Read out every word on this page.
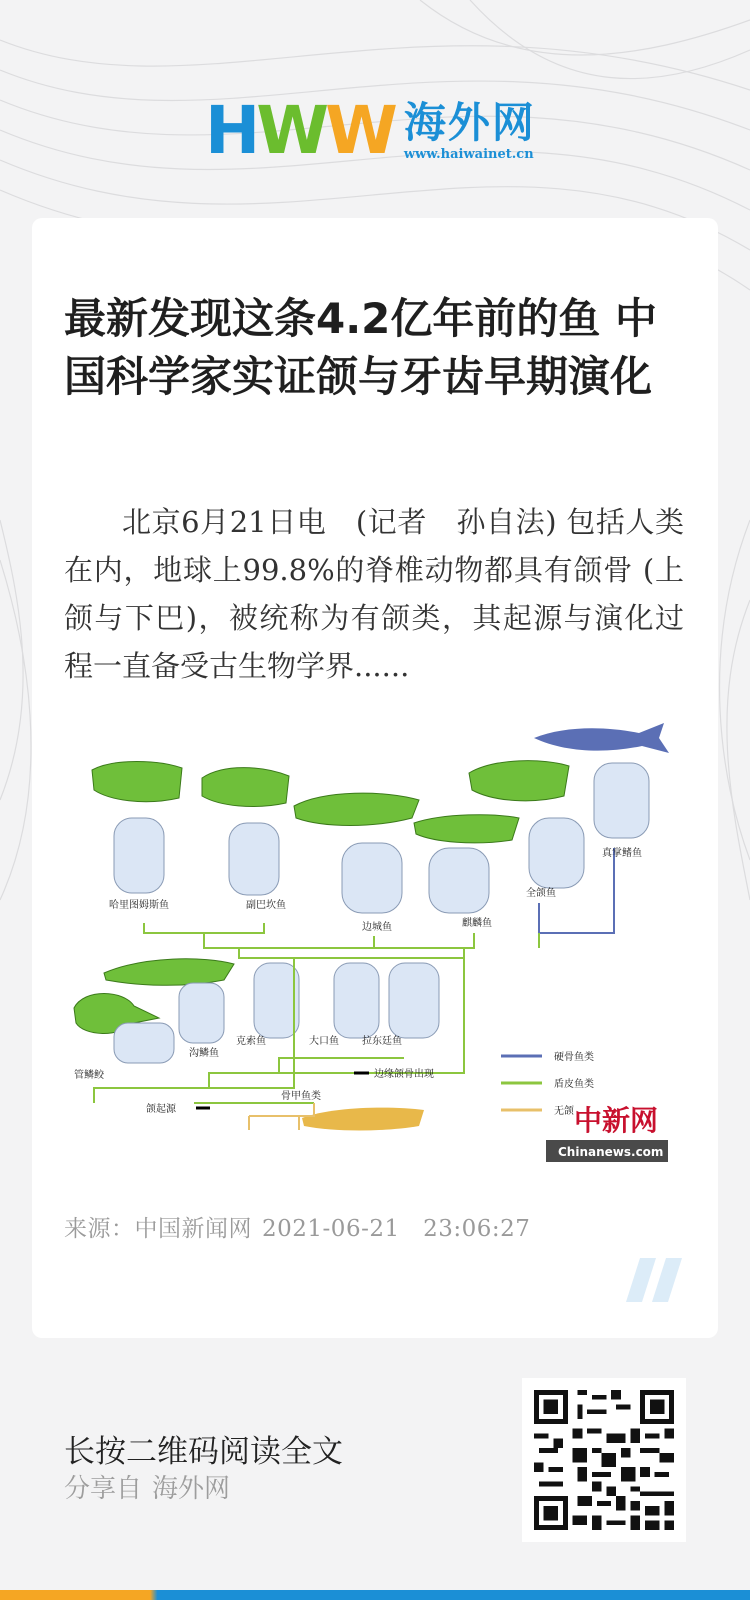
H W W 海外网
www.haiwainet.cn
最新发现这条4.2亿年前的鱼 中国科学家实证颌与牙齿早期演化

北京6月21日电　(记者　孙自法) 包括人类在内，地球上99.8%的脊椎动物都具有颌骨 (上颌与下巴)，被统称为有颌类，其起源与演化过程一直备受古生物学界......

哈里图姆斯鱼	副巴坎鱼
边城鱼	麒麟鱼
全颌鱼
真掌鳍鱼
管鳞鲛
沟鳞鱼
克索鱼	大口鱼 拉东廷鱼
骨甲鱼类
颌起源
边缘颌骨出现
硬骨鱼类
盾皮鱼类
无颌 中新网
Chinanews.com
来源：中国新闻网 2021-06-21　23:06:27
长按二维码阅读全文
分享自 海外网
